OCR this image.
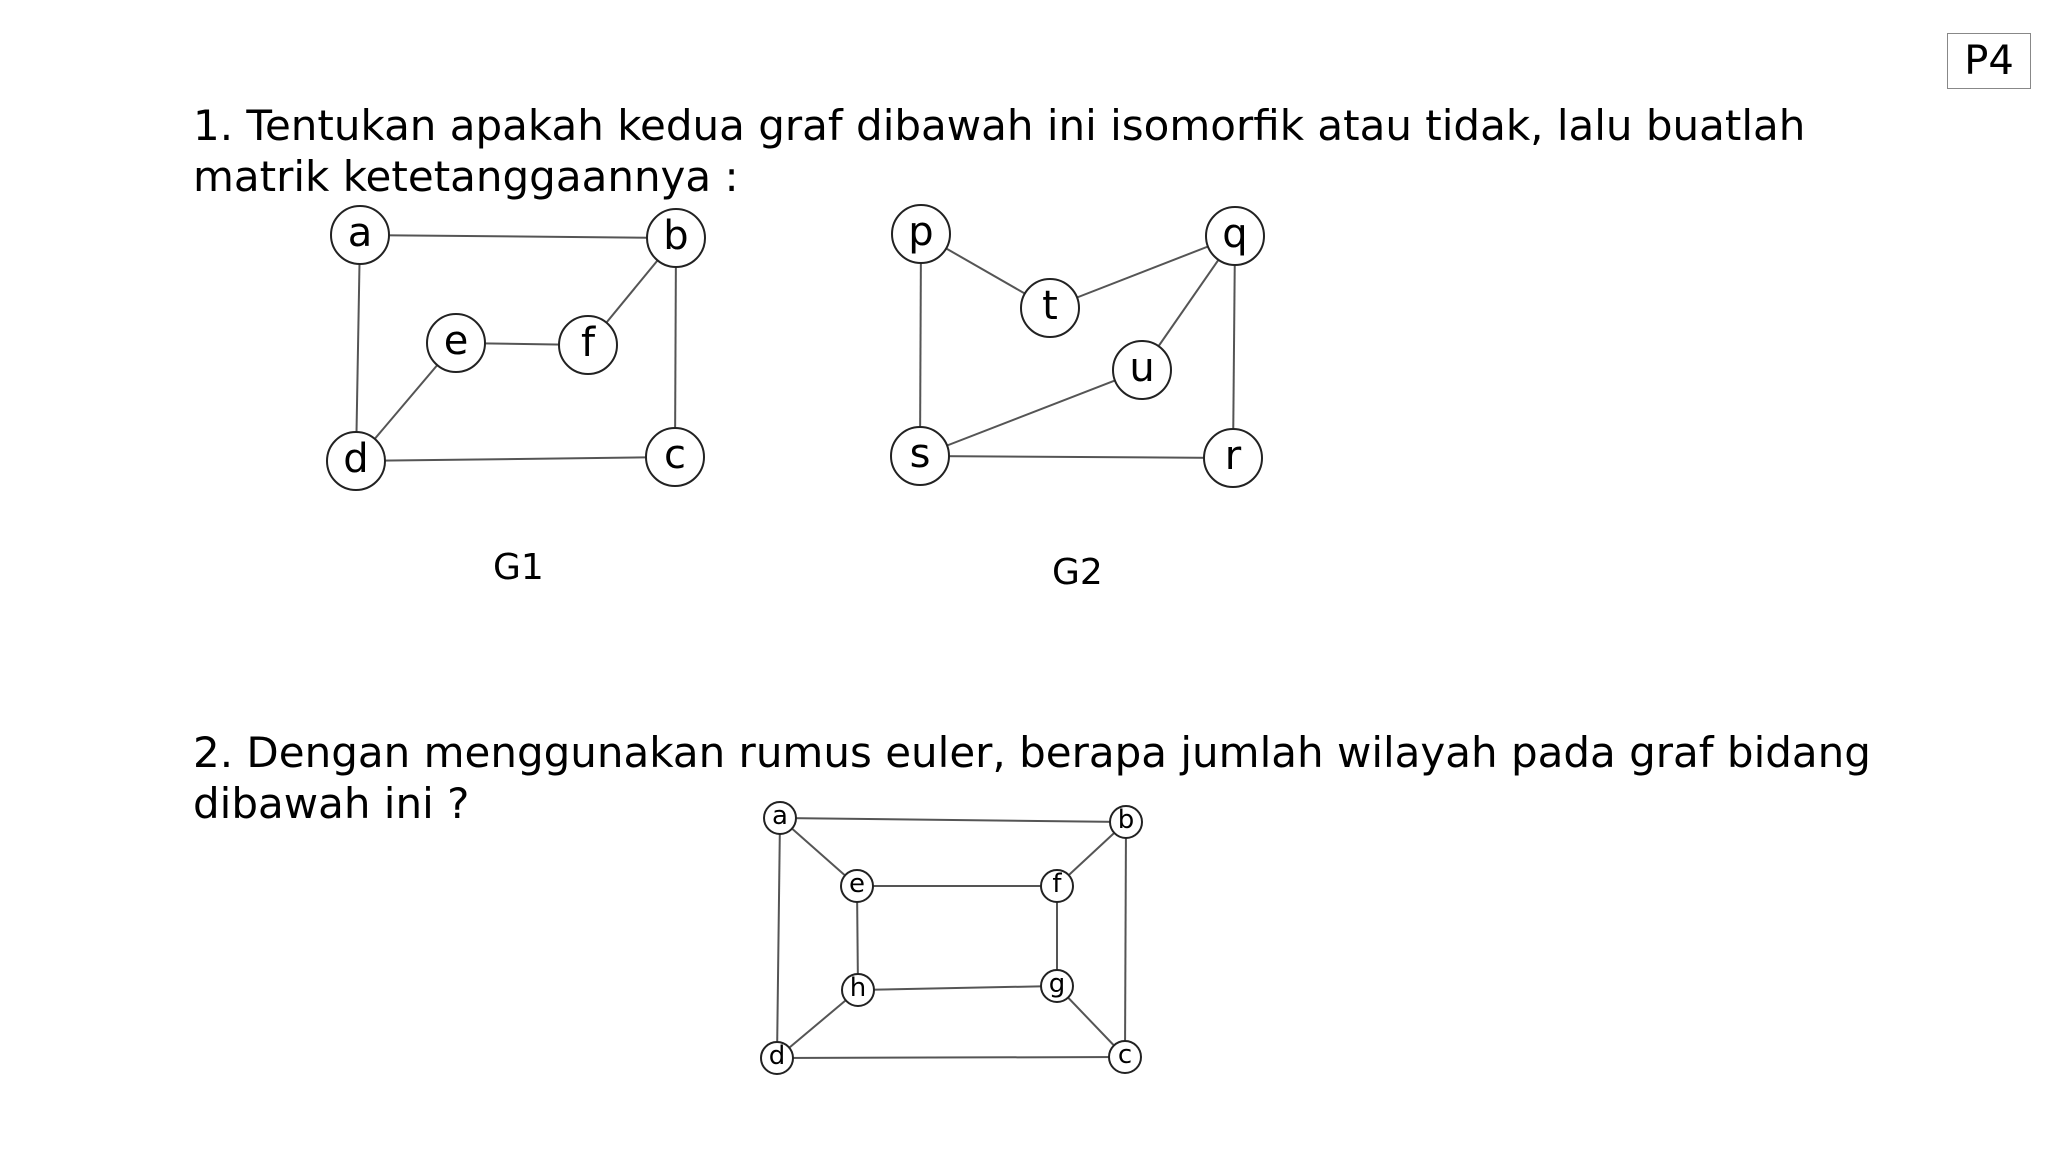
P4
1. Tentukan apakah kedua graf dibawah ini isomorfik atau tidak, lalu buatlah matrik ketetanggaannya :
a	b
c
d
e	f
G1
p	q
r
s
t
u
G2
2. Dengan menggunakan rumus euler, berapa jumlah wilayah pada graf bidang dibawah ini ?	a	b
c
d
e	f
g
h
